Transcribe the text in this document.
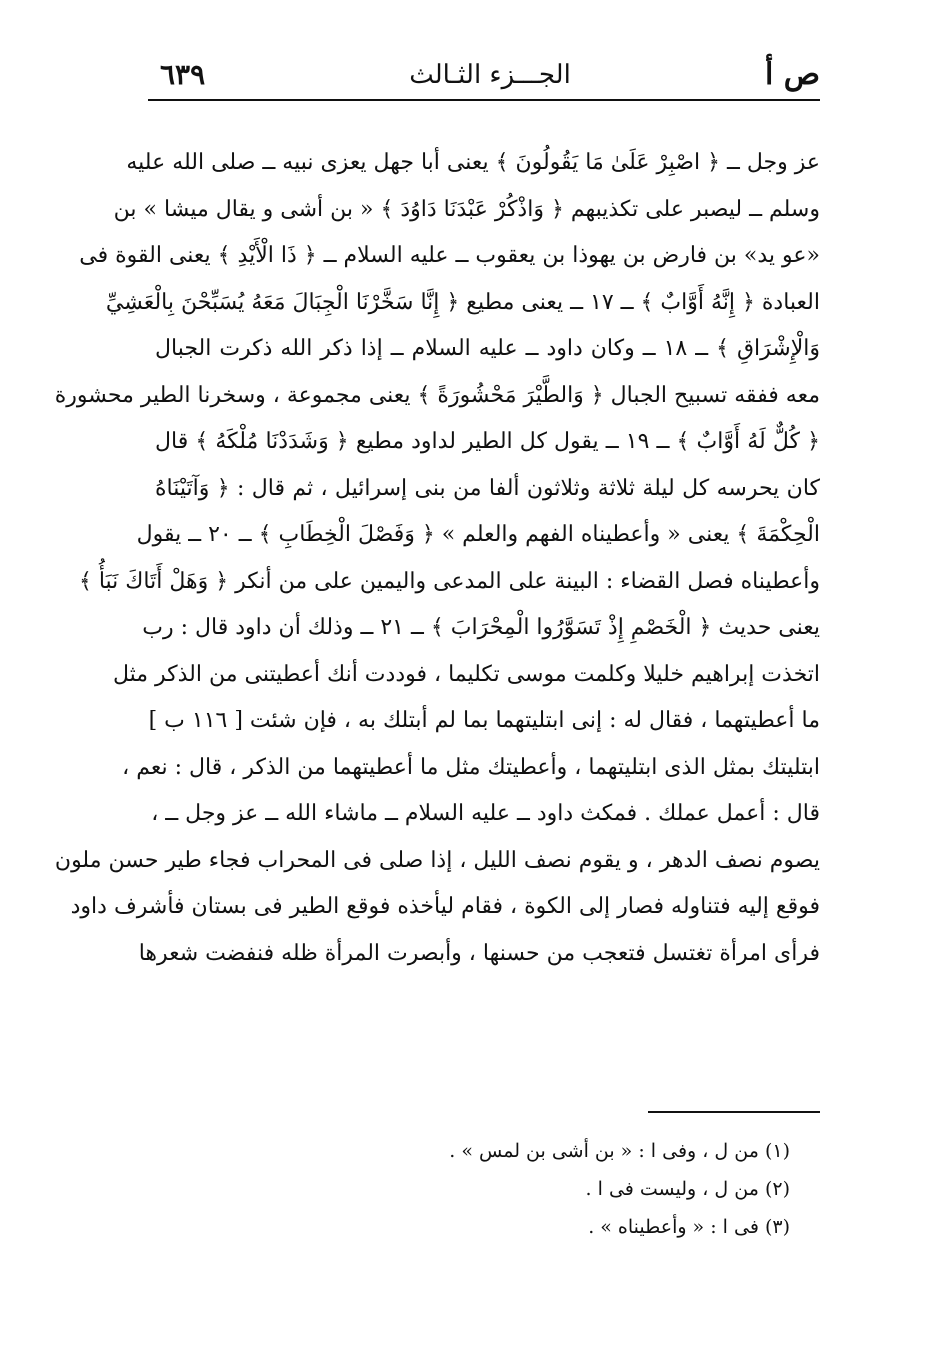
ص أ
الجـــزء الثـالث
٦٣٩
عز وجل ــ ﴿ اصْبِرْ عَلَىٰ مَا يَقُولُونَ ﴾ يعنى أبا جهل يعزى نبيه ــ صلى الله عليه
وسلم ــ ليصبر على تكذيبهم ﴿ وَاذْكُرْ عَبْدَنَا دَاوُدَ ﴾ « بن أشى و يقال ميشا » بن
«عو يد» بن فارض بن يهوذا بن يعقوب ــ عليه السلام ــ ﴿ ذَا الْأَيْدِ ﴾ يعنى القوة فى
العبادة ﴿ إِنَّهُ أَوَّابٌ ﴾ ــ ١٧ ــ يعنى مطيع ﴿ إِنَّا سَخَّرْنَا الْجِبَالَ مَعَهُ يُسَبِّحْنَ بِالْعَشِيِّ
وَالْإِشْرَاقِ ﴾ ــ ١٨ ــ وكان داود ــ عليه السلام ــ إذا ذكر الله ذكرت الجبال
معه ففقه تسبيح الجبال ﴿ وَالطَّيْرَ مَحْشُورَةً ﴾ يعنى مجموعة ، وسخرنا الطير محشورة
﴿ كُلٌّ لَهُ أَوَّابٌ ﴾ ــ ١٩ ــ يقول كل الطير لداود مطيع ﴿ وَشَدَدْنَا مُلْكَهُ ﴾ قال
كان يحرسه كل ليلة ثلاثة وثلاثون ألفا من بنى إسرائيل ، ثم قال : ﴿ وَآتَيْنَاهُ
الْحِكْمَةَ ﴾ يعنى « وأعطيناه الفهم والعلم » ﴿ وَفَصْلَ الْخِطَابِ ﴾ ــ ٢٠ ــ يقول
وأعطيناه فصل القضاء : البينة على المدعى واليمين على من أنكر ﴿ وَهَلْ أَتَاكَ نَبَأُ ﴾
يعنى حديث ﴿ الْخَصْمِ إِذْ تَسَوَّرُوا الْمِحْرَابَ ﴾ ــ ٢١ ــ وذلك أن داود قال : رب
اتخذت إبراهيم خليلا وكلمت موسى تكليما ، فوددت أنك أعطيتنى من الذكر مثل
ما أعطيتهما ، فقال له : إنى ابتليتهما بما لم أبتلك به ، فإن شئت [ ١١٦ ب ]
ابتليتك بمثل الذى ابتليتهما ، وأعطيتك مثل ما أعطيتهما من الذكر ، قال : نعم ،
قال : أعمل عملك . فمكث داود ــ عليه السلام ــ ماشاء الله ــ عز وجل ــ ،
يصوم نصف الدهر ، و يقوم نصف الليل ، إذا صلى فى المحراب فجاء طير حسن ملون
فوقع إليه فتناوله فصار إلى الكوة ، فقام ليأخذه فوقع الطير فى بستان فأشرف داود
فرأى امرأة تغتسل فتعجب من حسنها ، وأبصرت المرأة ظله فنفضت شعرها
(١) من ل ، وفى ا : « بن أشى بن لمس » .
(٢) من ل ، وليست فى ا .
(٣) فى ا : « وأعطيناه » .
